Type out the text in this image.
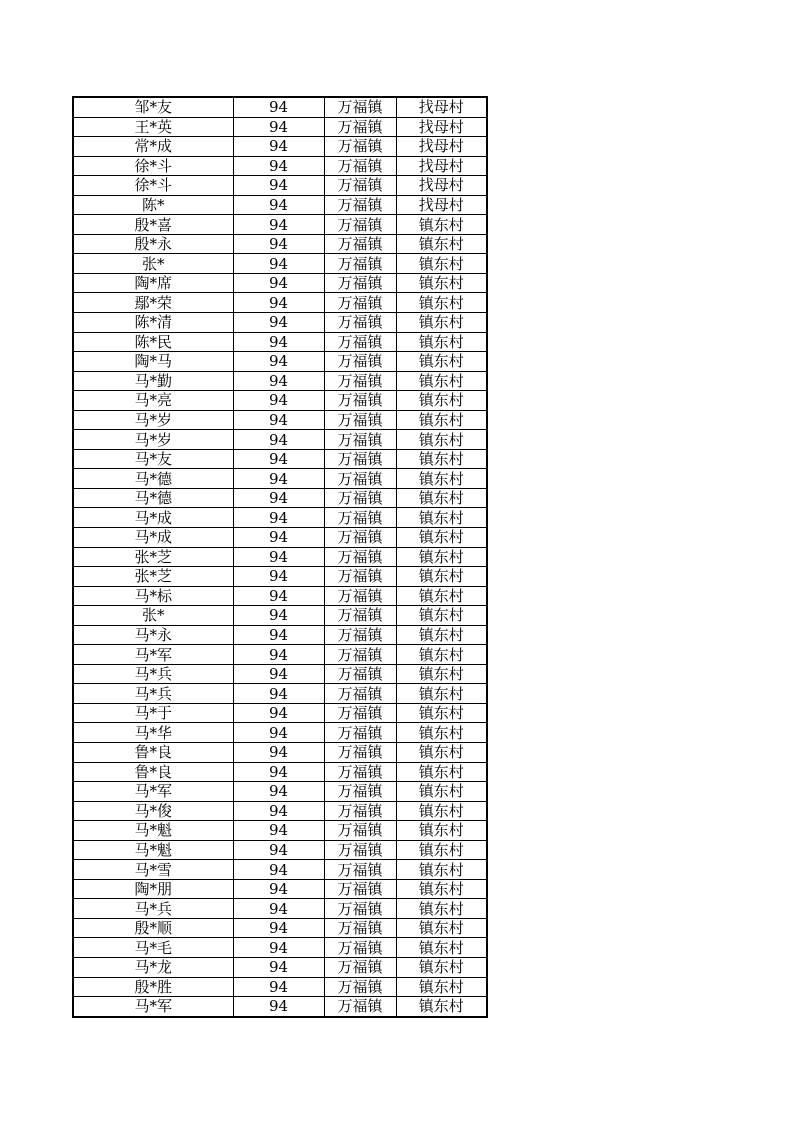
邹*友	94	万福镇	找母村
王*英	94	万福镇	找母村
常*成	94	万福镇	找母村
徐*斗	94	万福镇	找母村
徐*斗	94	万福镇	找母村
陈*	94	万福镇	找母村
殷*喜	94	万福镇	镇东村
殷*永	94	万福镇	镇东村
张*	94	万福镇	镇东村
陶*席	94	万福镇	镇东村
鄢*荣	94	万福镇	镇东村
陈*清	94	万福镇	镇东村
陈*民	94	万福镇	镇东村
陶*马	94	万福镇	镇东村
马*勤	94	万福镇	镇东村
马*亮	94	万福镇	镇东村
马*岁	94	万福镇	镇东村
马*岁	94	万福镇	镇东村
马*友	94	万福镇	镇东村
马*德	94	万福镇	镇东村
马*德	94	万福镇	镇东村
马*成	94	万福镇	镇东村
马*成	94	万福镇	镇东村
张*芝	94	万福镇	镇东村
张*芝	94	万福镇	镇东村
马*标	94	万福镇	镇东村
张*	94	万福镇	镇东村
马*永	94	万福镇	镇东村
马*军	94	万福镇	镇东村
马*兵	94	万福镇	镇东村
马*兵	94	万福镇	镇东村
马*于	94	万福镇	镇东村
马*华	94	万福镇	镇东村
鲁*良	94	万福镇	镇东村
鲁*良	94	万福镇	镇东村
马*军	94	万福镇	镇东村
马*俊	94	万福镇	镇东村
马*魁	94	万福镇	镇东村
马*魁	94	万福镇	镇东村
马*雪	94	万福镇	镇东村
陶*朋	94	万福镇	镇东村
马*兵	94	万福镇	镇东村
殷*顺	94	万福镇	镇东村
马*毛	94	万福镇	镇东村
马*龙	94	万福镇	镇东村
殷*胜	94	万福镇	镇东村
马*军	94	万福镇	镇东村
